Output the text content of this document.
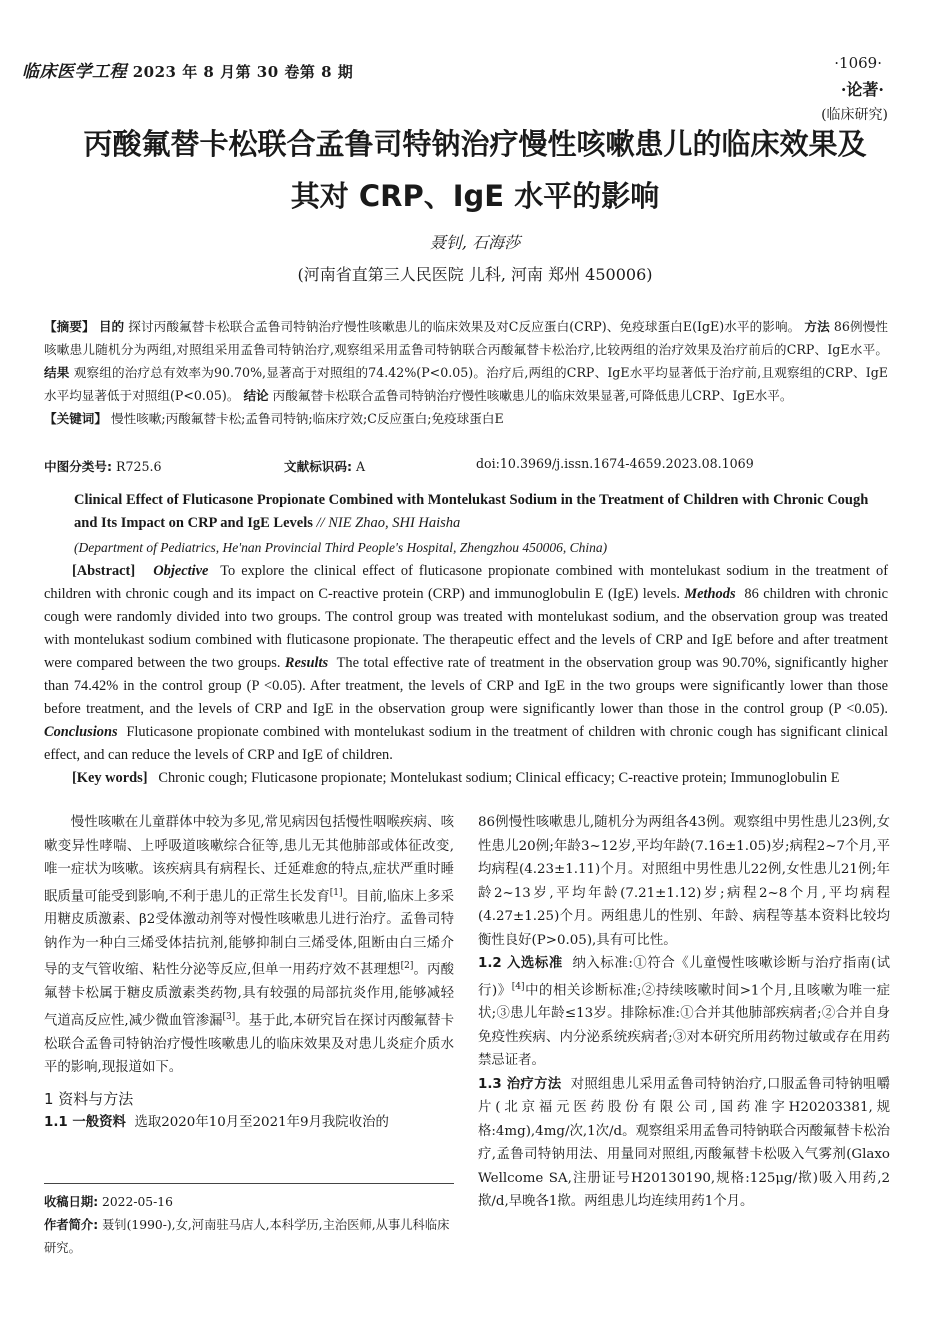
临床医学工程 2023 年 8 月第 30 卷第 8 期	·1069·
·论著·
(临床研究)
丙酸氟替卡松联合孟鲁司特钠治疗慢性咳嗽患儿的临床效果及
其对 CRP、IgE 水平的影响
聂钊, 石海莎
(河南省直第三人民医院 儿科, 河南 郑州 450006)
【摘要】 目的 探讨丙酸氟替卡松联合孟鲁司特钠治疗慢性咳嗽患儿的临床效果及对C反应蛋白(CRP)、免疫球蛋白E(IgE)水平的影响。 方法 86例慢性咳嗽患儿随机分为两组,对照组采用孟鲁司特钠治疗,观察组采用孟鲁司特钠联合丙酸氟替卡松治疗,比较两组的治疗效果及治疗前后的CRP、IgE水平。 结果 观察组的治疗总有效率为90.70%,显著高于对照组的74.42%(P<0.05)。治疗后,两组的CRP、IgE水平均显著低于治疗前,且观察组的CRP、IgE水平均显著低于对照组(P<0.05)。 结论 丙酸氟替卡松联合孟鲁司特钠治疗慢性咳嗽患儿的临床效果显著,可降低患儿CRP、IgE水平。
【关键词】 慢性咳嗽;丙酸氟替卡松;孟鲁司特钠;临床疗效;C反应蛋白;免疫球蛋白E
中图分类号: R725.6	文献标识码: A	doi:10.3969/j.issn.1674-4659.2023.08.1069
Clinical Effect of Fluticasone Propionate Combined with Montelukast Sodium in the Treatment of Children with Chronic Cough and Its Impact on CRP and IgE Levels // NIE Zhao, SHI Haisha
(Department of Pediatrics, He'nan Provincial Third People's Hospital, Zhengzhou 450006, China)
[Abstract] Objective To explore the clinical effect of fluticasone propionate combined with montelukast sodium in the treatment of children with chronic cough and its impact on C-reactive protein (CRP) and immunoglobulin E (IgE) levels. Methods 86 children with chronic cough were randomly divided into two groups. The control group was treated with montelukast sodium, and the observation group was treated with montelukast sodium combined with fluticasone propionate. The therapeutic effect and the levels of CRP and IgE before and after treatment were compared between the two groups. Results The total effective rate of treatment in the observation group was 90.70%, significantly higher than 74.42% in the control group (P <0.05). After treatment, the levels of CRP and IgE in the two groups were significantly lower than those before treatment, and the levels of CRP and IgE in the observation group were significantly lower than those in the control group (P <0.05). Conclusions Fluticasone propionate combined with montelukast sodium in the treatment of children with chronic cough has significant clinical effect, and can reduce the levels of CRP and IgE of children.
[Key words] Chronic cough; Fluticasone propionate; Montelukast sodium; Clinical efficacy; C-reactive protein; Immunoglobulin E

慢性咳嗽在儿童群体中较为多见,常见病因包括慢性咽喉疾病、咳嗽变异性哮喘、上呼吸道咳嗽综合征等,患儿无其他肺部或体征改变,唯一症状为咳嗽。该疾病具有病程长、迁延难愈的特点,症状严重时睡眠质量可能受到影响,不利于患儿的正常生长发育[1]。目前,临床上多采用糖皮质激素、β2受体激动剂等对慢性咳嗽患儿进行治疗。孟鲁司特钠作为一种白三烯受体拮抗剂,能够抑制白三烯受体,阻断由白三烯介导的支气管收缩、粘性分泌等反应,但单一用药疗效不甚理想[2]。丙酸氟替卡松属于糖皮质激素类药物,具有较强的局部抗炎作用,能够减轻气道高反应性,减少微血管渗漏[3]。基于此,本研究旨在探讨丙酸氟替卡松联合孟鲁司特钠治疗慢性咳嗽患儿的临床效果及对患儿炎症介质水平的影响,现报道如下。

1 资料与方法

1.1 一般资料 选取2020年10月至2021年9月我院收治的

收稿日期: 2022-05-16
作者简介: 聂钊(1990-),女,河南驻马店人,本科学历,主治医师,从事儿科临床研究。

86例慢性咳嗽患儿,随机分为两组各43例。观察组中男性患儿23例,女性患儿20例;年龄3~12岁,平均年龄(7.16±1.05)岁;病程2~7个月,平均病程(4.23±1.11)个月。对照组中男性患儿22例,女性患儿21例;年龄2~13岁,平均年龄(7.21±1.12)岁;病程2~8个月,平均病程(4.27±1.25)个月。两组患儿的性别、年龄、病程等基本资料比较均衡性良好(P>0.05),具有可比性。

1.2 入选标准 纳入标准:①符合《儿童慢性咳嗽诊断与治疗指南(试行)》[4]中的相关诊断标准;②持续咳嗽时间>1个月,且咳嗽为唯一症状;③患儿年龄≤13岁。排除标准:①合并其他肺部疾病者;②合并自身免疫性疾病、内分泌系统疾病者;③对本研究所用药物过敏或存在用药禁忌证者。

1.3 治疗方法 对照组患儿采用孟鲁司特钠治疗,口服孟鲁司特钠咀嚼片(北京福元医药股份有限公司,国药准字H20203381,规格:4mg),4mg/次,1次/d。观察组采用孟鲁司特钠联合丙酸氟替卡松治疗,孟鲁司特钠用法、用量同对照组,丙酸氟替卡松吸入气雾剂(Glaxo Wellcome SA,注册证号H20130190,规格:125μg/揿)吸入用药,2揿/d,早晚各1揿。两组患儿均连续用药1个月。
